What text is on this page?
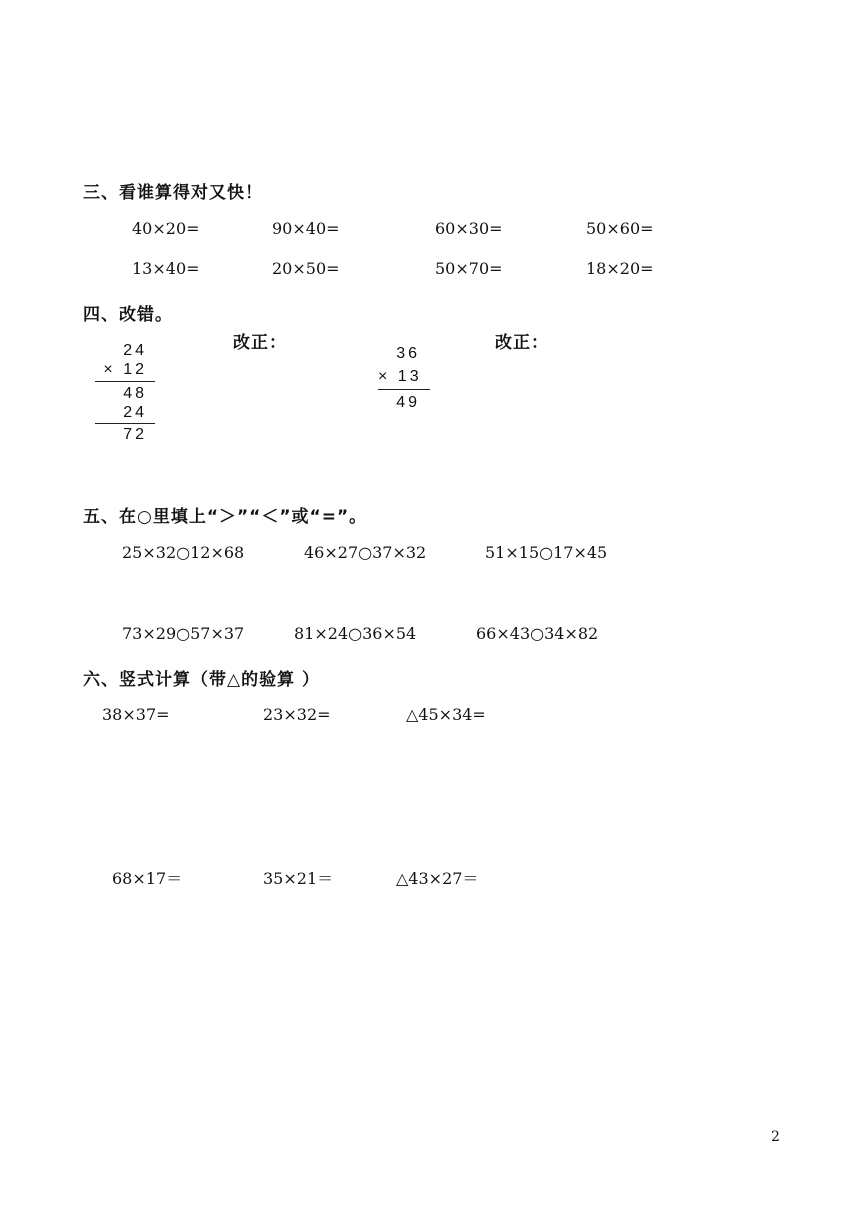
三、看谁算得对又快！
40×20=	90×40=	60×30=	50×60=
13×40=	20×50=	50×70=	18×20=
四、改错。
改正：	改正：
24
× 12
48
24
72
36
× 13
49
五、在○里填上“＞”“＜”或“=”。
25×32○12×68	46×27○37×32	51×15○17×45
73×29○57×37	81×24○36×54	66×43○34×82
六、竖式计算（带△的验算 ）
38×37=	23×32=	△45×34=
68×17＝	35×21＝	△43×27＝
2
